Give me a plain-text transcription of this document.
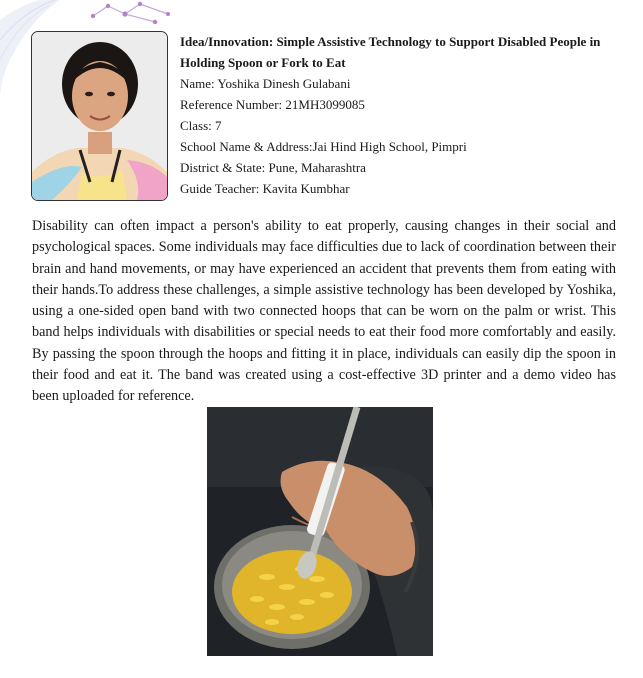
Idea/Innovation: Simple Assistive Technology to Support Disabled People in Holding Spoon or Fork to Eat
Name: Yoshika Dinesh Gulabani
Reference Number: 21MH3099085
Class: 7
School Name & Address:Jai Hind High School, Pimpri
District & State: Pune, Maharashtra
Guide Teacher: Kavita Kumbhar
Disability can often impact a person's ability to eat properly, causing changes in their social and psychological spaces. Some individuals may face difficulties due to lack of coordination between their brain and hand movements, or may have experienced an accident that prevents them from eating with their hands.To address these challenges, a simple assistive technology has been developed by Yoshika, using a one-sided open band with two connected hoops that can be worn on the palm or wrist. This band helps individuals with disabilities or special needs to eat their food more comfortably and easily. By passing the spoon through the hoops and fitting it in place, individuals can easily dip the spoon in their food and eat it. The band was created using a cost-effective 3D printer and a demo video has been uploaded for reference.
